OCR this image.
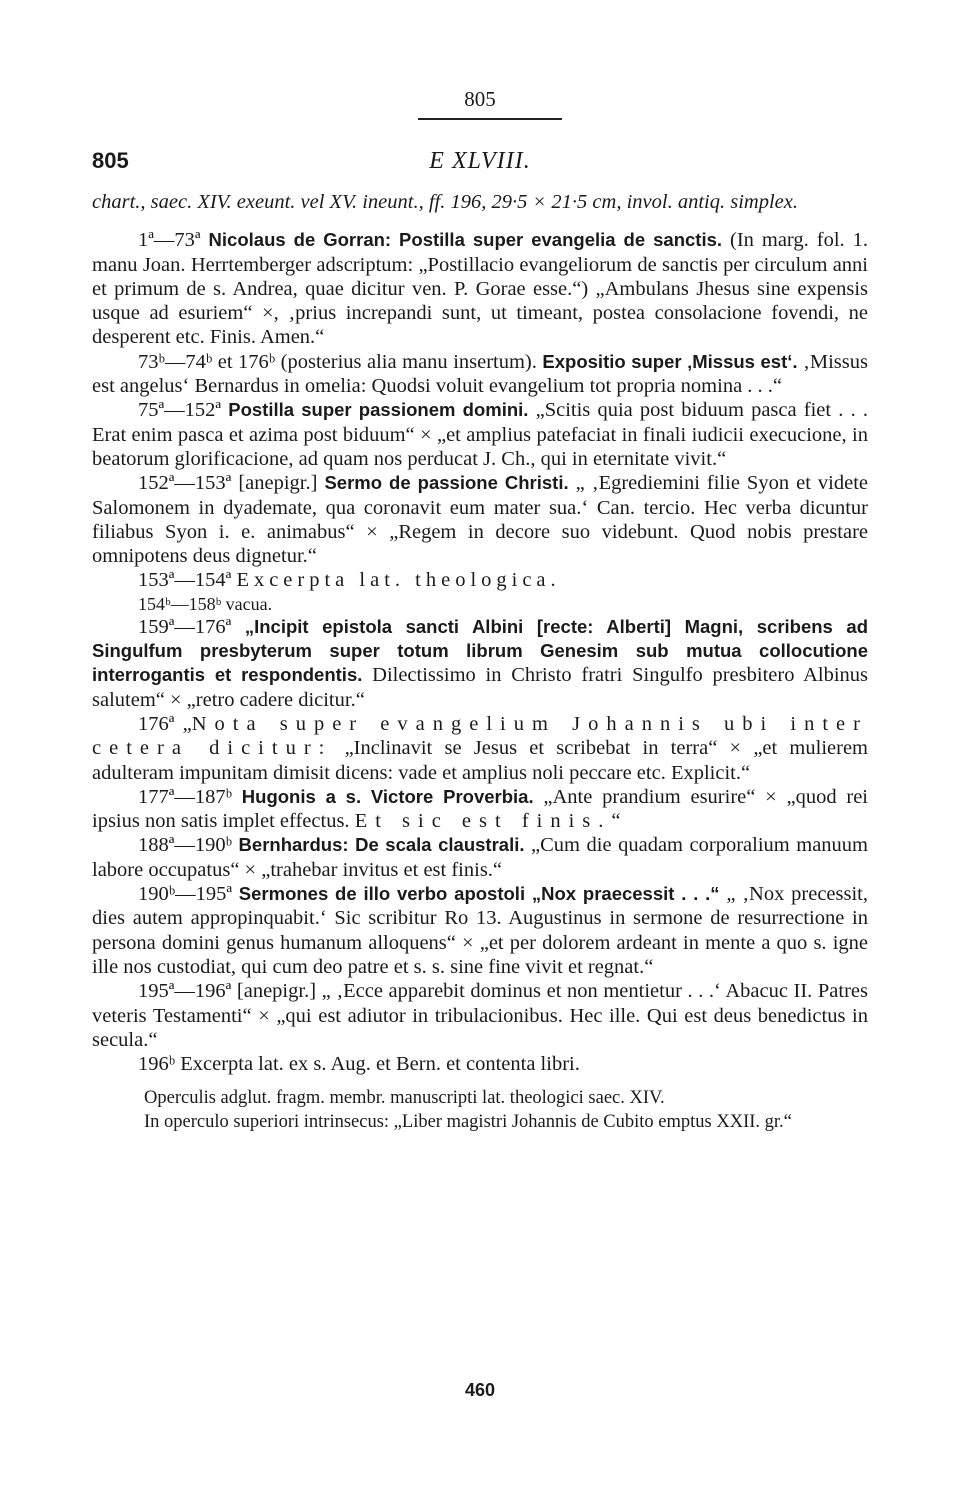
805
805	E XLVIII.

chart., saec. XIV. exeunt. vel XV. ineunt., ff. 196, 29·5 × 21·5 cm, invol. antiq. simplex.

1ª—73ª Nicolaus de Gorran: Postilla super evangelia de sanctis. (In marg. fol. 1. manu Joan. Herrtemberger adscriptum: „Postillacio evangeliorum de sanctis per circulum anni et primum de s. Andrea, quae dicitur ven. P. Gorae esse.“) „Ambulans Jhesus sine expensis usque ad esuriem“ ×, ‚prius increpandi sunt, ut timeant, postea consolacione fovendi, ne desperent etc. Finis. Amen.“

73ᵇ—74ᵇ et 176ᵇ (posterius alia manu insertum). Expositio super ‚Missus est‘. ‚Missus est angelus‘ Bernardus in omelia: Quodsi voluit evangelium tot propria nomina . . .“

75ª—152ª Postilla super passionem domini. „Scitis quia post biduum pasca fiet . . . Erat enim pasca et azima post biduum“ × „et amplius patefaciat in finali iudicii execucione, in beatorum glorificacione, ad quam nos perducat J. Ch., qui in eternitate vivit.“

152ª—153ª [anepigr.] Sermo de passione Christi. „ ‚Egrediemini filie Syon et videte Salomonem in dyademate, qua coronavit eum mater sua.‘ Can. tercio. Hec verba dicuntur filiabus Syon i. e. animabus“ × „Regem in decore suo videbunt. Quod nobis prestare omnipotens deus dignetur.“

153ª—154ª Excerpta lat. theologica.

154ᵇ—158ᵇ vacua.

159ª—176ª „Incipit epistola sancti Albini [recte: Alberti] Magni, scribens ad Singulfum presbyterum super totum librum Genesim sub mutua collocutione interrogantis et respondentis. Dilectissimo in Christo fratri Singulfo presbitero Albinus salutem“ × „retro cadere dicitur.“

176ª „Nota super evangelium Johannis ubi inter cetera dicitur: „Inclinavit se Jesus et scribebat in terra“ × „et mulierem adulteram impunitam dimisit dicens: vade et amplius noli peccare etc. Explicit.“

177ª—187ᵇ Hugonis a s. Victore Proverbia. „Ante prandium esurire“ × „quod rei ipsius non satis implet effectus. Et sic est finis.“

188ª—190ᵇ Bernhardus: De scala claustrali. „Cum die quadam corporalium manuum labore occupatus“ × „trahebar invitus et est finis.“

190ᵇ—195ª Sermones de illo verbo apostoli „Nox praecessit . . .“ „ ‚Nox precessit, dies autem appropinquabit.‘ Sic scribitur Ro 13. Augustinus in sermone de resurrectione in persona domini genus humanum alloquens“ × „et per dolorem ardeant in mente a quo s. igne ille nos custodiat, qui cum deo patre et s. s. sine fine vivit et regnat.“

195ª—196ª [anepigr.] „ ‚Ecce apparebit dominus et non mentietur . . .‘ Abacuc II. Patres veteris Testamenti“ × „qui est adiutor in tribulacionibus. Hec ille. Qui est deus benedictus in secula.“

196ᵇ Excerpta lat. ex s. Aug. et Bern. et contenta libri.

Operculis adglut. fragm. membr. manuscripti lat. theologici saec. XIV.

In operculo superiori intrinsecus: „Liber magistri Johannis de Cubito emptus XXII. gr.“

460
